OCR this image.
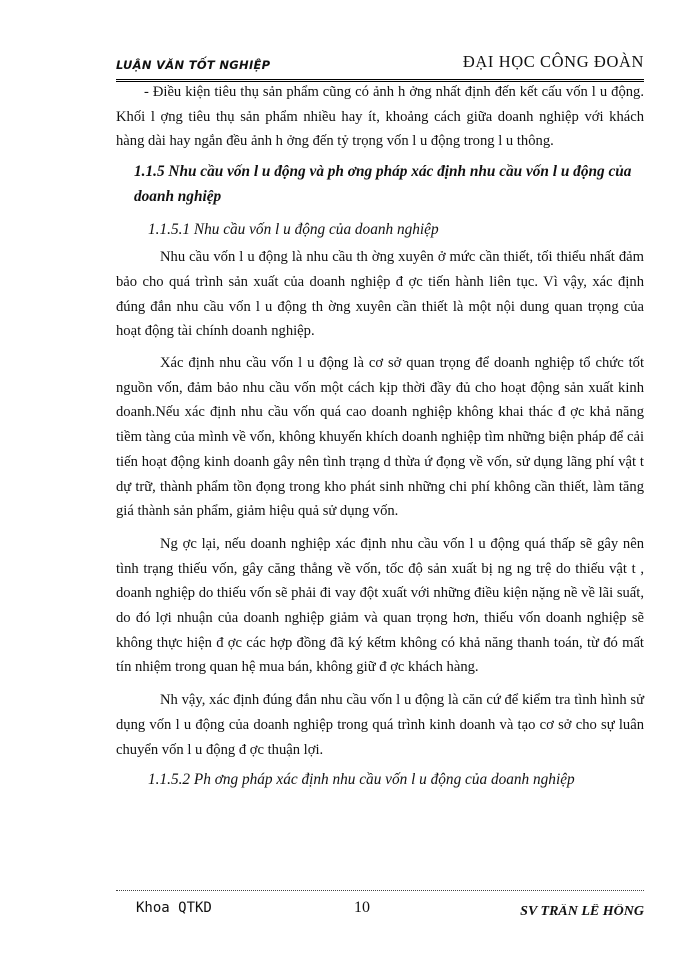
LUẬN VĂN TỐT NGHIỆP	ĐẠI HỌC CÔNG ĐOÀN

- Điều kiện tiêu thụ sản phẩm cũng có ảnh h ởng nhất định đến kết cấu vốn l u động. Khối l ợng tiêu thụ sản phẩm nhiều hay ít, khoảng cách giữa doanh nghiệp với khách hàng dài hay ngắn đều ảnh h ởng đến tỷ trọng vốn l u động trong l u thông.

1.1.5 Nhu cầu vốn l u động và ph ơng pháp xác định nhu cầu vốn l u động của doanh nghiệp

1.1.5.1 Nhu cầu vốn l u động của doanh nghiệp

Nhu cầu vốn l u động là nhu cầu th ờng xuyên ở mức cần thiết, tối thiểu nhất đảm bảo cho quá trình sản xuất của doanh nghiệp đ ợc tiến hành liên tục. Vì vậy, xác định đúng đắn nhu cầu vốn l u động th ờng xuyên cần thiết là một nội dung quan trọng của hoạt động tài chính doanh nghiệp.

Xác định nhu cầu vốn l u động là cơ sở quan trọng để doanh nghiệp tổ chức tốt nguồn vốn, đảm bảo nhu cầu vốn một cách kịp thời đầy đủ cho hoạt động sản xuất kinh doanh.Nếu xác định nhu cầu vốn quá cao doanh nghiệp không khai thác đ ợc khả năng tiềm tàng của mình về vốn, không khuyến khích doanh nghiệp tìm những biện pháp để cải tiến hoạt động kinh doanh gây nên tình trạng d thừa ứ đọng về vốn, sử dụng lãng phí vật t dự trữ, thành phẩm tồn đọng trong kho phát sinh những chi phí không cần thiết, làm tăng giá thành sản phẩm, giảm hiệu quả sử dụng vốn.

Ng ợc lại, nếu doanh nghiệp xác định nhu cầu vốn l u động quá thấp sẽ gây nên tình trạng thiếu vốn, gây căng thẳng về vốn, tốc độ sản xuất bị ng ng trệ do thiếu vật t , doanh nghiệp do thiếu vốn sẽ phải đi vay đột xuất với những điều kiện nặng nề về lãi suất, do đó lợi nhuận của doanh nghiệp giảm và quan trọng hơn, thiếu vốn doanh nghiệp sẽ không thực hiện đ ợc các hợp đồng đã ký kếtm không có khả năng thanh toán, từ đó mất tín nhiệm trong quan hệ mua bán, không giữ đ ợc khách hàng.

Nh vậy, xác định đúng đắn nhu cầu vốn l u động là căn cứ để kiểm tra tình hình sử dụng vốn l u động của doanh nghiệp trong quá trình kinh doanh và tạo cơ sở cho sự luân chuyển vốn l u động đ ợc thuận lợi.

1.1.5.2 Ph ơng pháp xác định nhu cầu vốn l u động của doanh nghiệp

Khoa QTKD	10	SV TRẦN LÊ HỒNG
